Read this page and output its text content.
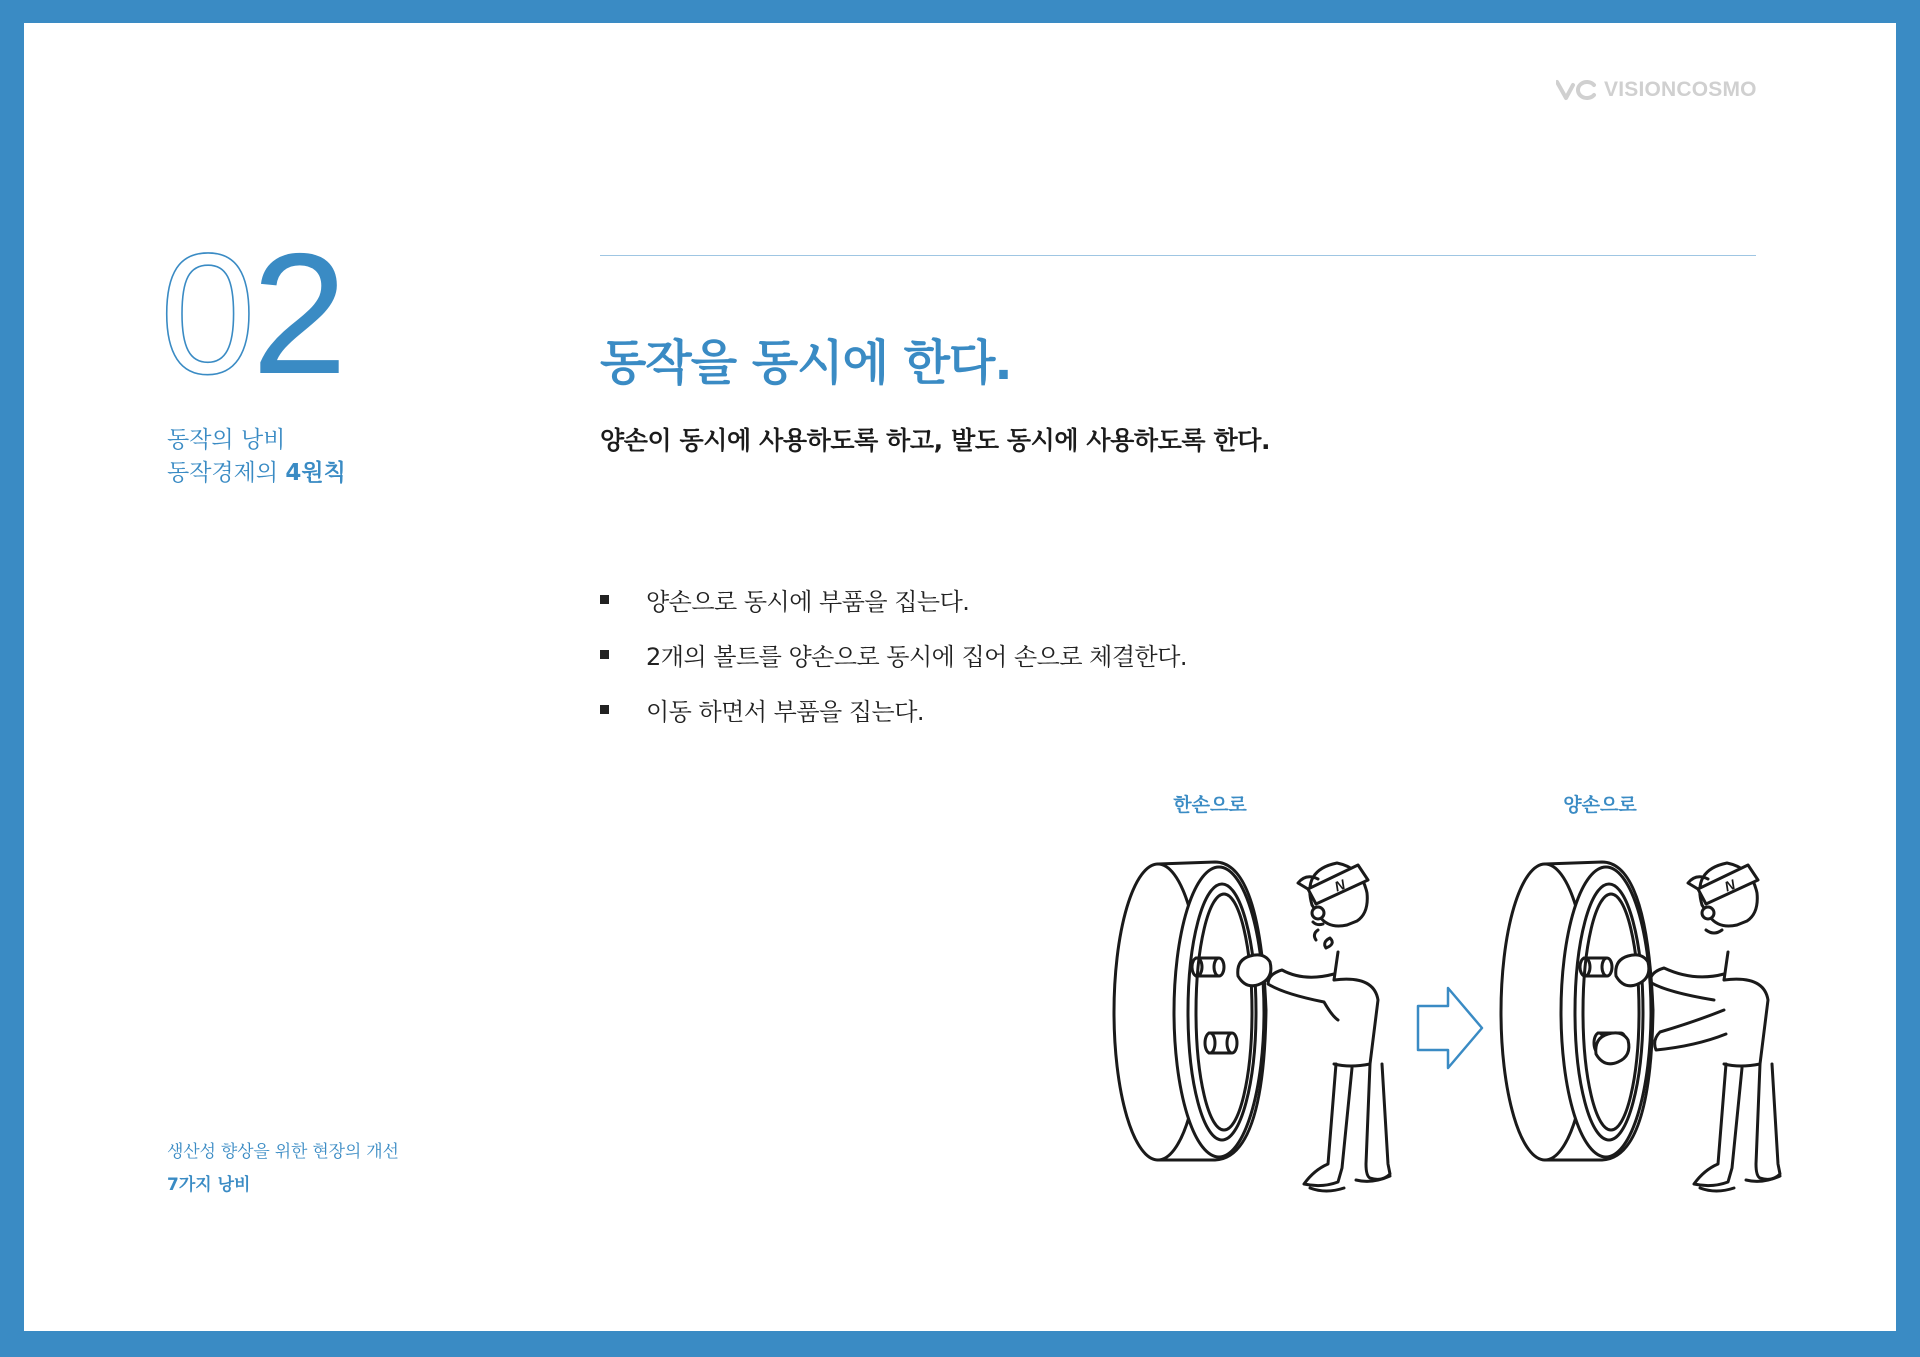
VISIONCOSMO
02
동작의 낭비
동작경제의 4원칙
동작을 동시에 한다.
양손이 동시에 사용하도록 하고, 발도 동시에 사용하도록 한다.
양손으로 동시에 부품을 집는다.
2개의 볼트를 양손으로 동시에 집어 손으로 체결한다.
이동 하면서 부품을 집는다.
한손으로	양손으로
N	N
생산성 향상을 위한 현장의 개선
7가지 낭비
